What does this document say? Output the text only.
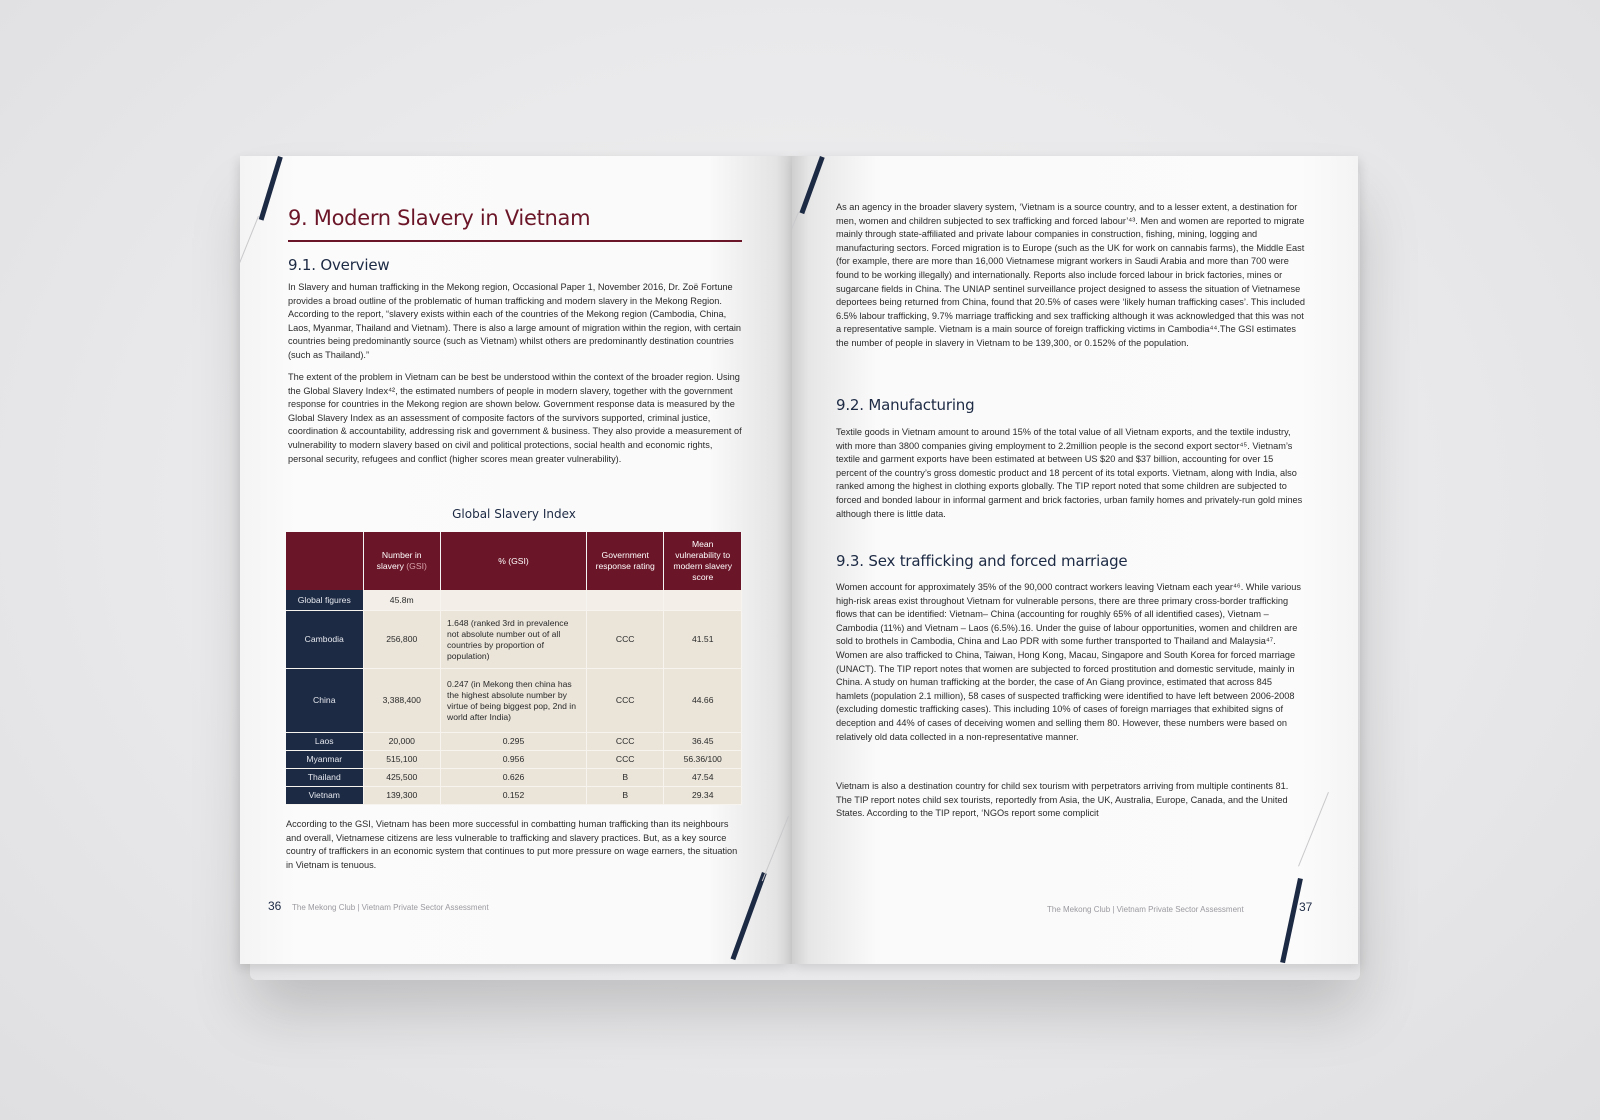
9. Modern Slavery in Vietnam
9.1. Overview

In Slavery and human trafficking in the Mekong region, Occasional Paper 1, November 2016, Dr. Zoë Fortune provides a broad outline of the problematic of human trafficking and modern slavery in the Mekong Region. According to the report, “slavery exists within each of the countries of the Mekong region (Cambodia, China, Laos, Myanmar, Thailand and Vietnam). There is also a large amount of migration within the region, with certain countries being predominantly source (such as Vietnam) whilst others are predominantly destination countries (such as Thailand).”

The extent of the problem in Vietnam can be best be understood within the context of the broader region. Using the Global Slavery Index⁴², the estimated numbers of people in modern slavery, together with the government response for countries in the Mekong region are shown below. Government response data is measured by the Global Slavery Index as an assessment of composite factors of the survivors supported, criminal justice, coordination & accountability, addressing risk and government & business. They also provide a measurement of vulnerability to modern slavery based on civil and political protections, social health and economic rights, personal security, refugees and conflict (higher scores mean greater vulnerability).

Global Slavery Index
	Number in slavery (GSI)	% (GSI)	Government response rating	Mean vulnerability to modern slavery score
Global figures	45.8m			
Cambodia	256,800	1.648 (ranked 3rd in prevalence not absolute number out of all countries by proportion of population)	CCC	41.51
China	3,388,400	0.247 (in Mekong then china has the highest absolute number by virtue of being biggest pop, 2nd in world after India)	CCC	44.66
Laos	20,000	0.295	CCC	36.45
Myanmar	515,100	0.956	CCC	56.36/100
Thailand	425,500	0.626	B	47.54
Vietnam	139,300	0.152	B	29.34

According to the GSI, Vietnam has been more successful in combatting human trafficking than its neighbours and overall, Vietnamese citizens are less vulnerable to trafficking and slavery practices. But, as a key source country of traffickers in an economic system that continues to put more pressure on wage earners, the situation in Vietnam is tenuous.

36 The Mekong Club | Vietnam Private Sector Assessment

As an agency in the broader slavery system, ‘Vietnam is a source country, and to a lesser extent, a destination for men, women and children subjected to sex trafficking and forced labour’⁴³. Men and women are reported to migrate mainly through state-affiliated and private labour companies in construction, fishing, mining, logging and manufacturing sectors. Forced migration is to Europe (such as the UK for work on cannabis farms), the Middle East (for example, there are more than 16,000 Vietnamese migrant workers in Saudi Arabia and more than 700 were found to be working illegally) and internationally. Reports also include forced labour in brick factories, mines or sugarcane fields in China. The UNIAP sentinel surveillance project designed to assess the situation of Vietnamese deportees being returned from China, found that 20.5% of cases were ‘likely human trafficking cases’. This included 6.5% labour trafficking, 9.7% marriage trafficking and sex trafficking although it was acknowledged that this was not a representative sample. Vietnam is a main source of foreign trafficking victims in Cambodia⁴⁴.The GSI estimates the number of people in slavery in Vietnam to be 139,300, or 0.152% of the population.

9.2. Manufacturing

Textile goods in Vietnam amount to around 15% of the total value of all Vietnam exports, and the textile industry, with more than 3800 companies giving employment to 2.2million people is the second export sector⁴⁵. Vietnam’s textile and garment exports have been estimated at between US $20 and $37 billion, accounting for over 15 percent of the country’s gross domestic product and 18 percent of its total exports. Vietnam, along with India, also ranked among the highest in clothing exports globally. The TIP report noted that some children are subjected to forced and bonded labour in informal garment and brick factories, urban family homes and privately-run gold mines although there is little data.

9.3. Sex trafficking and forced marriage

Women account for approximately 35% of the 90,000 contract workers leaving Vietnam each year⁴⁶. While various high-risk areas exist throughout Vietnam for vulnerable persons, there are three primary cross-border trafficking flows that can be identified: Vietnam– China (accounting for roughly 65% of all identified cases), Vietnam – Cambodia (11%) and Vietnam – Laos (6.5%).16. Under the guise of labour opportunities, women and children are sold to brothels in Cambodia, China and Lao PDR with some further transported to Thailand and Malaysia⁴⁷. Women are also trafficked to China, Taiwan, Hong Kong, Macau, Singapore and South Korea for forced marriage (UNACT). The TIP report notes that women are subjected to forced prostitution and domestic servitude, mainly in China. A study on human trafficking at the border, the case of An Giang province, estimated that across 845 hamlets (population 2.1 million), 58 cases of suspected trafficking were identified to have left between 2006-2008 (excluding domestic trafficking cases). This including 10% of cases of foreign marriages that exhibited signs of deception and 44% of cases of deceiving women and selling them 80. However, these numbers were based on relatively old data collected in a non-representative manner.

Vietnam is also a destination country for child sex tourism with perpetrators arriving from multiple continents 81. The TIP report notes child sex tourists, reportedly from Asia, the UK, Australia, Europe, Canada, and the United States. According to the TIP report, ‘NGOs report some complicit

The Mekong Club | Vietnam Private Sector Assessment	37
